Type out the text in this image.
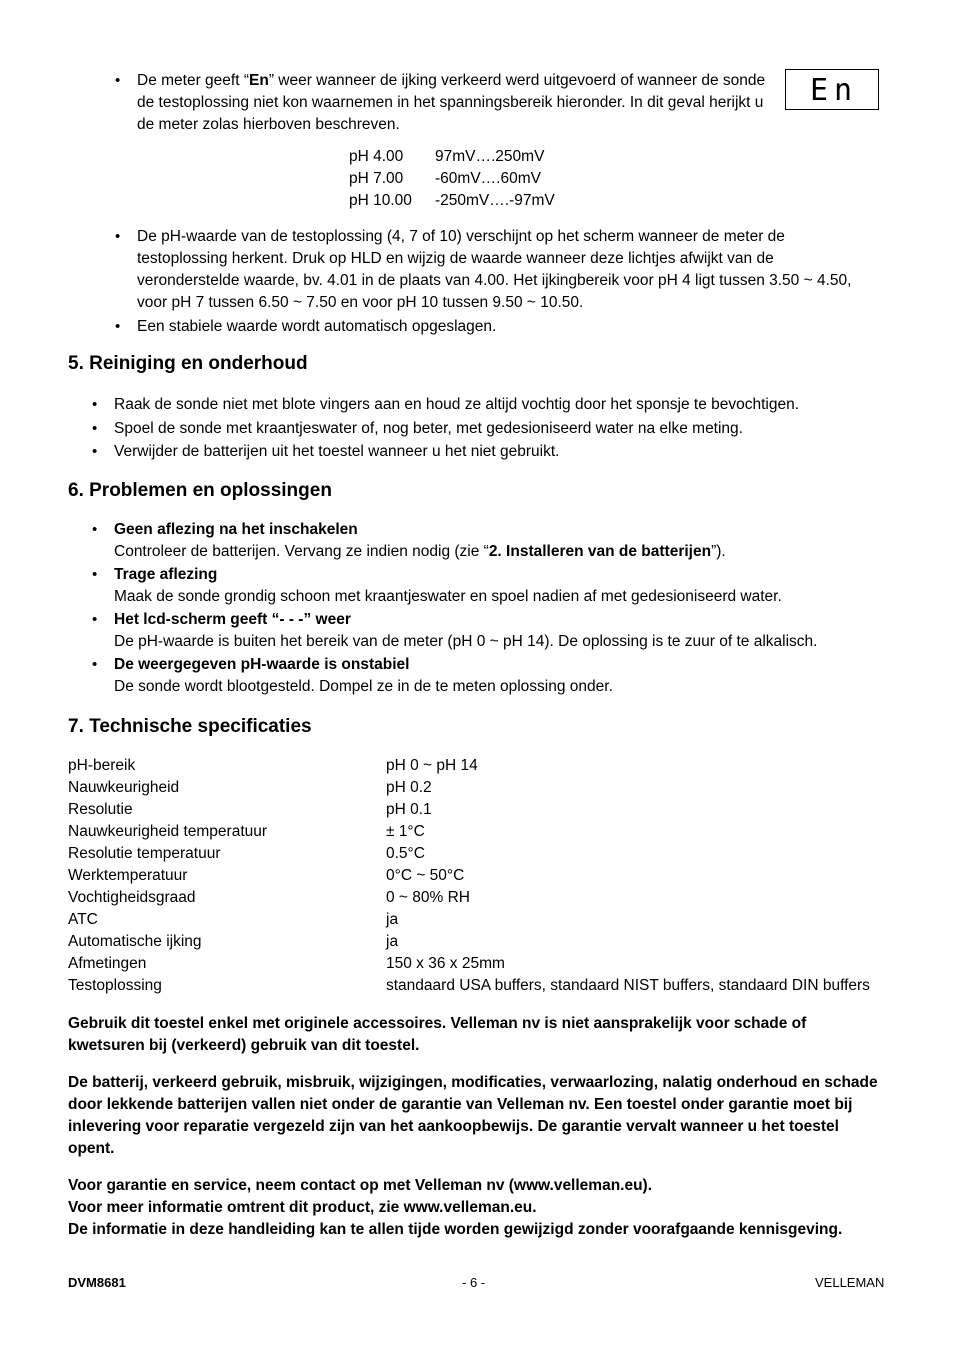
• De meter geeft “En” weer wanneer de ijking verkeerd werd uitgevoerd of wanneer de sonde de testoplossing niet kon waarnemen in het spanningsbereik hieronder. In dit geval herijkt u de meter zolas hierboven beschreven.
En
pH 4.00	97mV….250mV
pH 7.00	-60mV….60mV
pH 10.00	-250mV….-97mV
• De pH-waarde van de testoplossing (4, 7 of 10) verschijnt op het scherm wanneer de meter de testoplossing herkent. Druk op HLD en wijzig de waarde wanneer deze lichtjes afwijkt van de veronderstelde waarde, bv. 4.01 in de plaats van 4.00. Het ijkingbereik voor pH 4 ligt tussen 3.50 ~ 4.50, voor pH 7 tussen 6.50 ~ 7.50 en voor pH 10 tussen 9.50 ~ 10.50.
• Een stabiele waarde wordt automatisch opgeslagen.
5. Reiniging en onderhoud
• Raak de sonde niet met blote vingers aan en houd ze altijd vochtig door het sponsje te bevochtigen.
• Spoel de sonde met kraantjeswater of, nog beter, met gedesioniseerd water na elke meting.
• Verwijder de batterijen uit het toestel wanneer u het niet gebruikt.
6. Problemen en oplossingen
• Geen aflezing na het inschakelen
Controleer de batterijen. Vervang ze indien nodig (zie “2. Installeren van de batterijen”).
• Trage aflezing
Maak de sonde grondig schoon met kraantjeswater en spoel nadien af met gedesioniseerd water.
• Het lcd-scherm geeft “- - -” weer
De pH-waarde is buiten het bereik van de meter (pH 0 ~ pH 14). De oplossing is te zuur of te alkalisch.
• De weergegeven pH-waarde is onstabiel
De sonde wordt blootgesteld. Dompel ze in de te meten oplossing onder.
7. Technische specificaties
pH-bereik	pH 0 ~ pH 14
Nauwkeurigheid	pH 0.2
Resolutie	pH 0.1
Nauwkeurigheid temperatuur	± 1°C
Resolutie temperatuur	0.5°C
Werktemperatuur	0°C ~ 50°C
Vochtigheidsgraad	0 ~ 80% RH
ATC	ja
Automatische ijking	ja
Afmetingen	150 x 36 x 25mm
Testoplossing	standaard USA buffers, standaard NIST buffers, standaard DIN buffers
Gebruik dit toestel enkel met originele accessoires. Velleman nv is niet aansprakelijk voor schade of kwetsuren bij (verkeerd) gebruik van dit toestel.
De batterij, verkeerd gebruik, misbruik, wijzigingen, modificaties, verwaarlozing, nalatig onderhoud en schade door lekkende batterijen vallen niet onder de garantie van Velleman nv. Een toestel onder garantie moet bij inlevering voor reparatie vergezeld zijn van het aankoopbewijs. De garantie vervalt wanneer u het toestel opent.
Voor garantie en service, neem contact op met Velleman nv (www.velleman.eu).
Voor meer informatie omtrent dit product, zie www.velleman.eu.
De informatie in deze handleiding kan te allen tijde worden gewijzigd zonder voorafgaande kennisgeving.
DVM8681	- 6 -	VELLEMAN
